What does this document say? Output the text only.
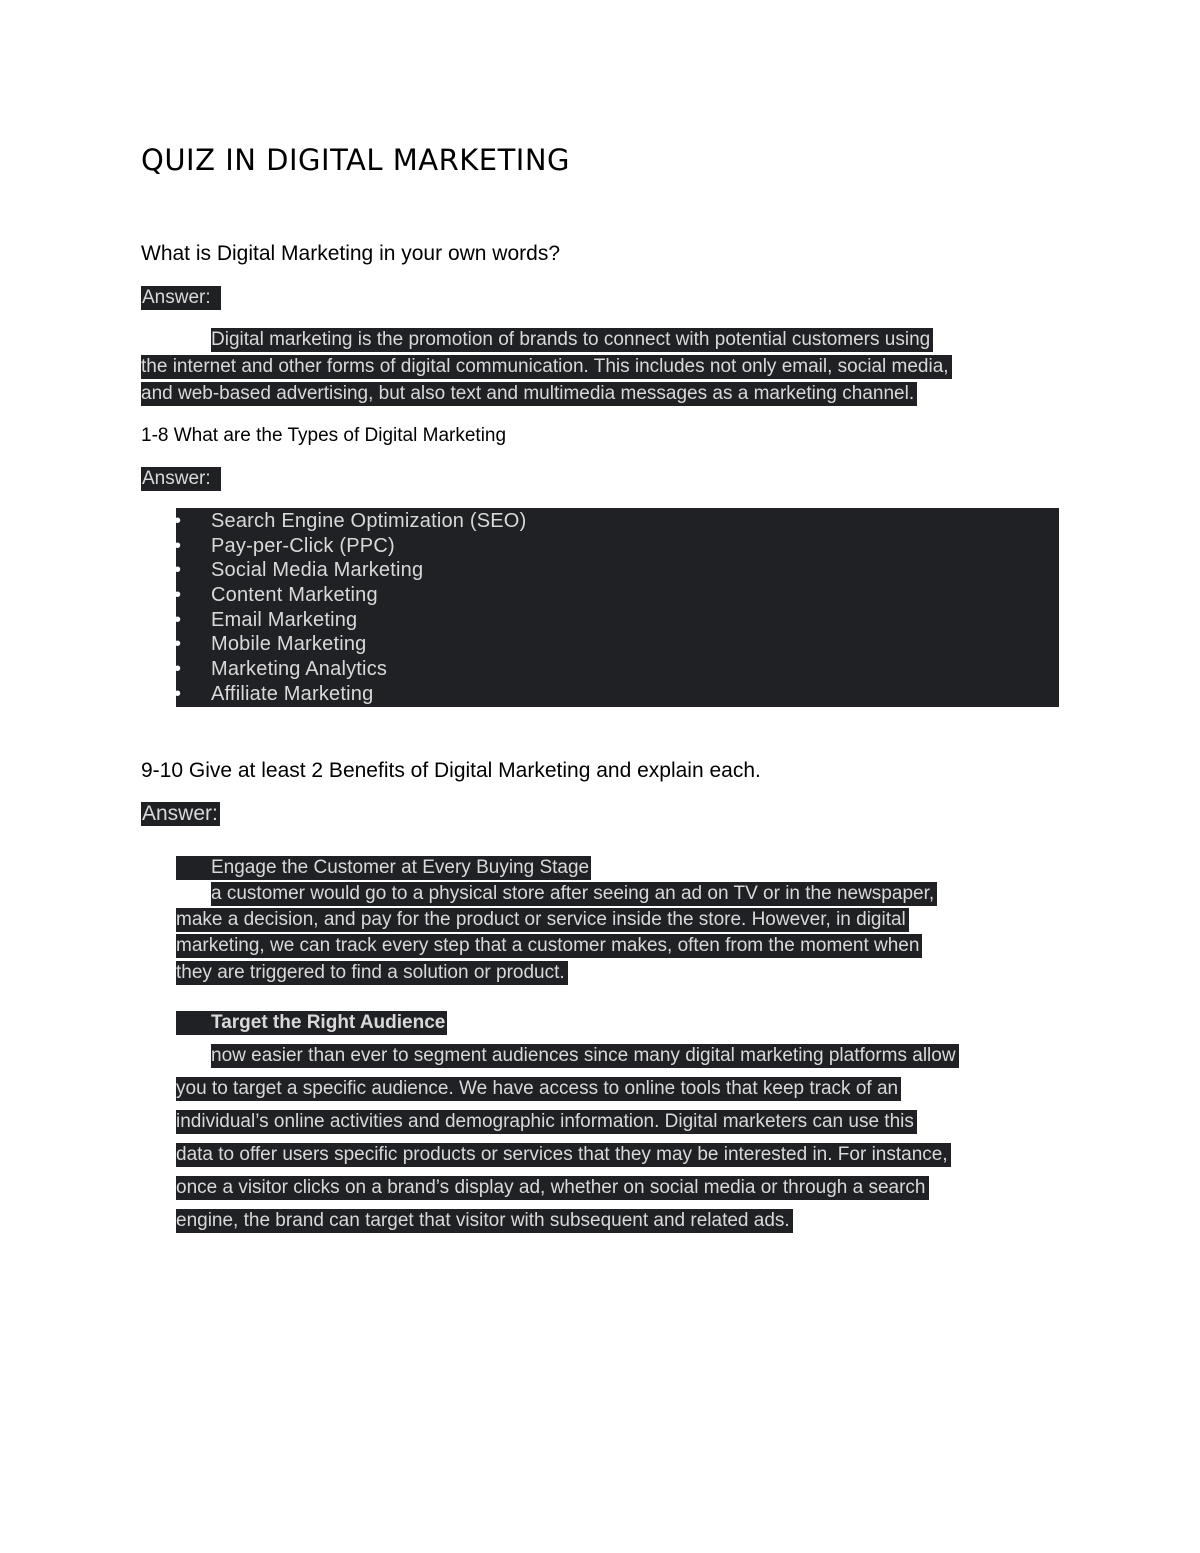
QUIZ IN DIGITAL MARKETING
What is Digital Marketing in your own words?
Answer:
Digital marketing is the promotion of brands to connect with potential customers using
the internet and other forms of digital communication. This includes not only email, social media,
and web-based advertising, but also text and multimedia messages as a marketing channel.
1-8 What are the Types of Digital Marketing
Answer:
• Search Engine Optimization (SEO)
• Pay-per-Click (PPC)
• Social Media Marketing
• Content Marketing
• Email Marketing
• Mobile Marketing
• Marketing Analytics
• Affiliate Marketing
9-10 Give at least 2 Benefits of Digital Marketing and explain each.
Answer:
Engage the Customer at Every Buying Stage
a customer would go to a physical store after seeing an ad on TV or in the newspaper,
make a decision, and pay for the product or service inside the store. However, in digital
marketing, we can track every step that a customer makes, often from the moment when
they are triggered to find a solution or product.
Target the Right Audience
now easier than ever to segment audiences since many digital marketing platforms allow
you to target a specific audience. We have access to online tools that keep track of an
individual’s online activities and demographic information. Digital marketers can use this
data to offer users specific products or services that they may be interested in. For instance,
once a visitor clicks on a brand’s display ad, whether on social media or through a search
engine, the brand can target that visitor with subsequent and related ads.
